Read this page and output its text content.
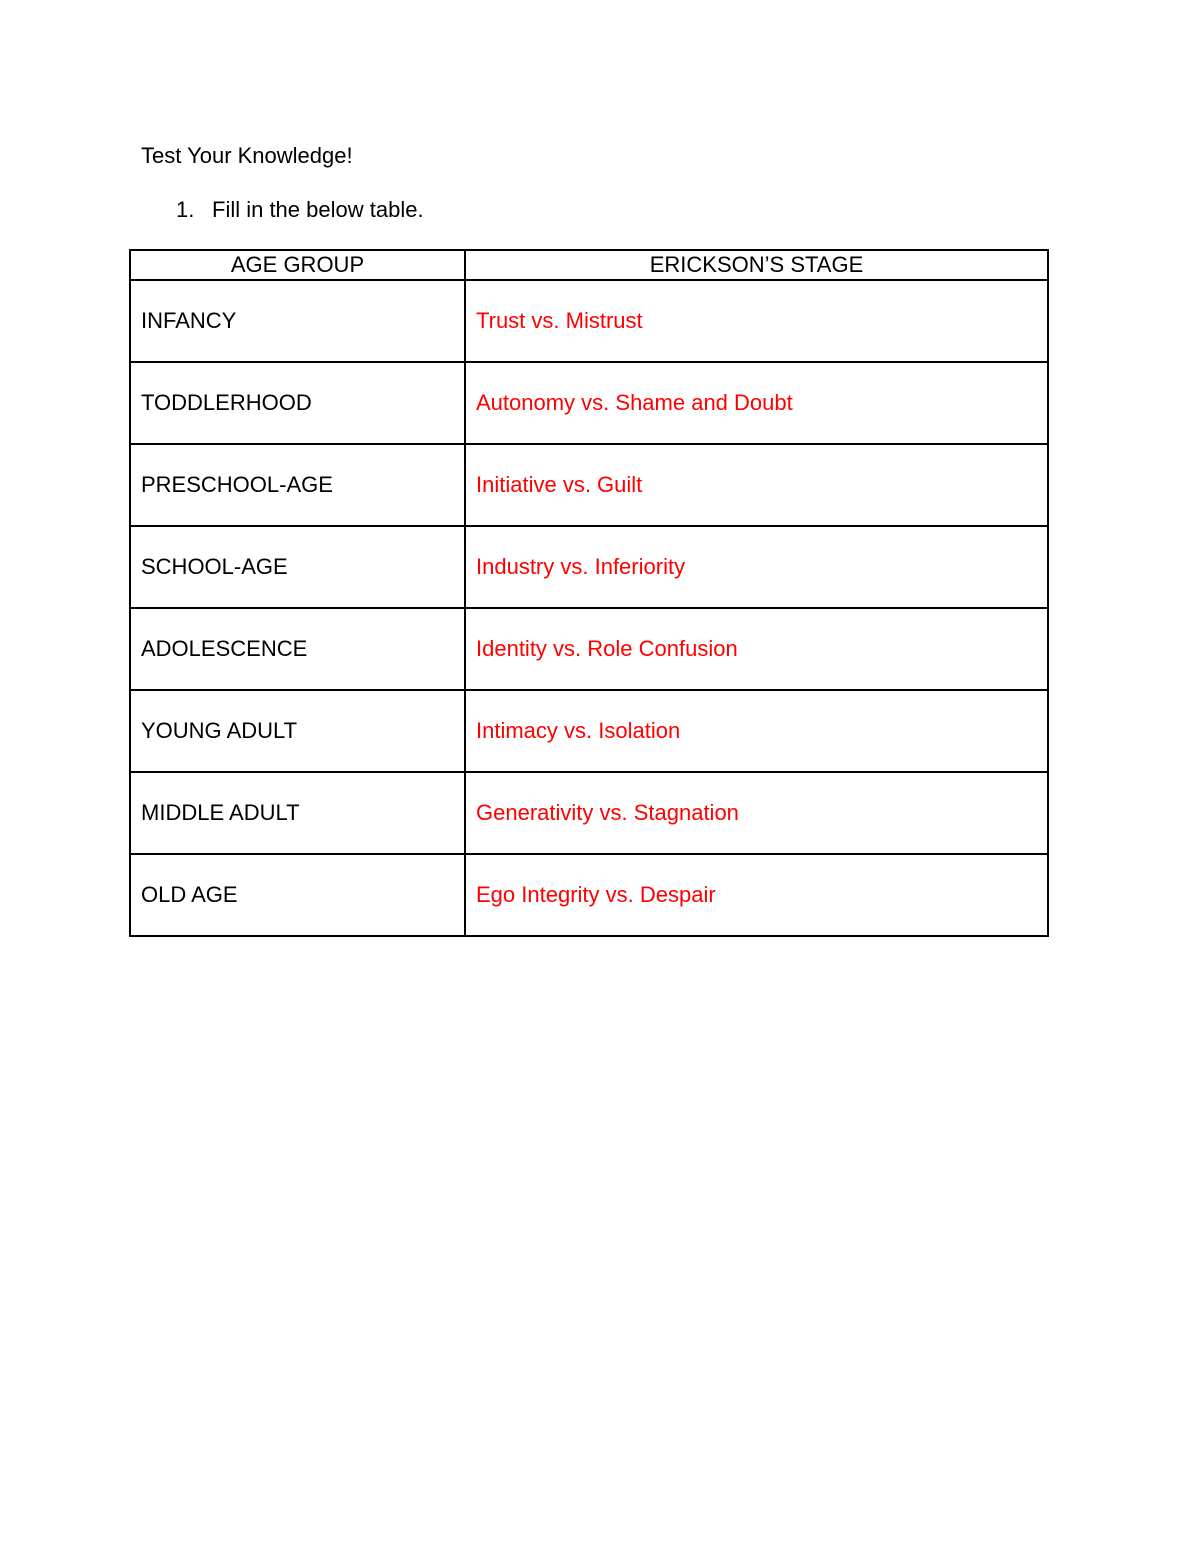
Test Your Knowledge!
1. Fill in the below table.
AGE GROUP	ERICKSON’S STAGE
INFANCY	Trust vs. Mistrust
TODDLERHOOD	Autonomy vs. Shame and Doubt
PRESCHOOL-AGE	Initiative vs. Guilt
SCHOOL-AGE	Industry vs. Inferiority
ADOLESCENCE	Identity vs. Role Confusion
YOUNG ADULT	Intimacy vs. Isolation
MIDDLE ADULT	Generativity vs. Stagnation
OLD AGE	Ego Integrity vs. Despair
